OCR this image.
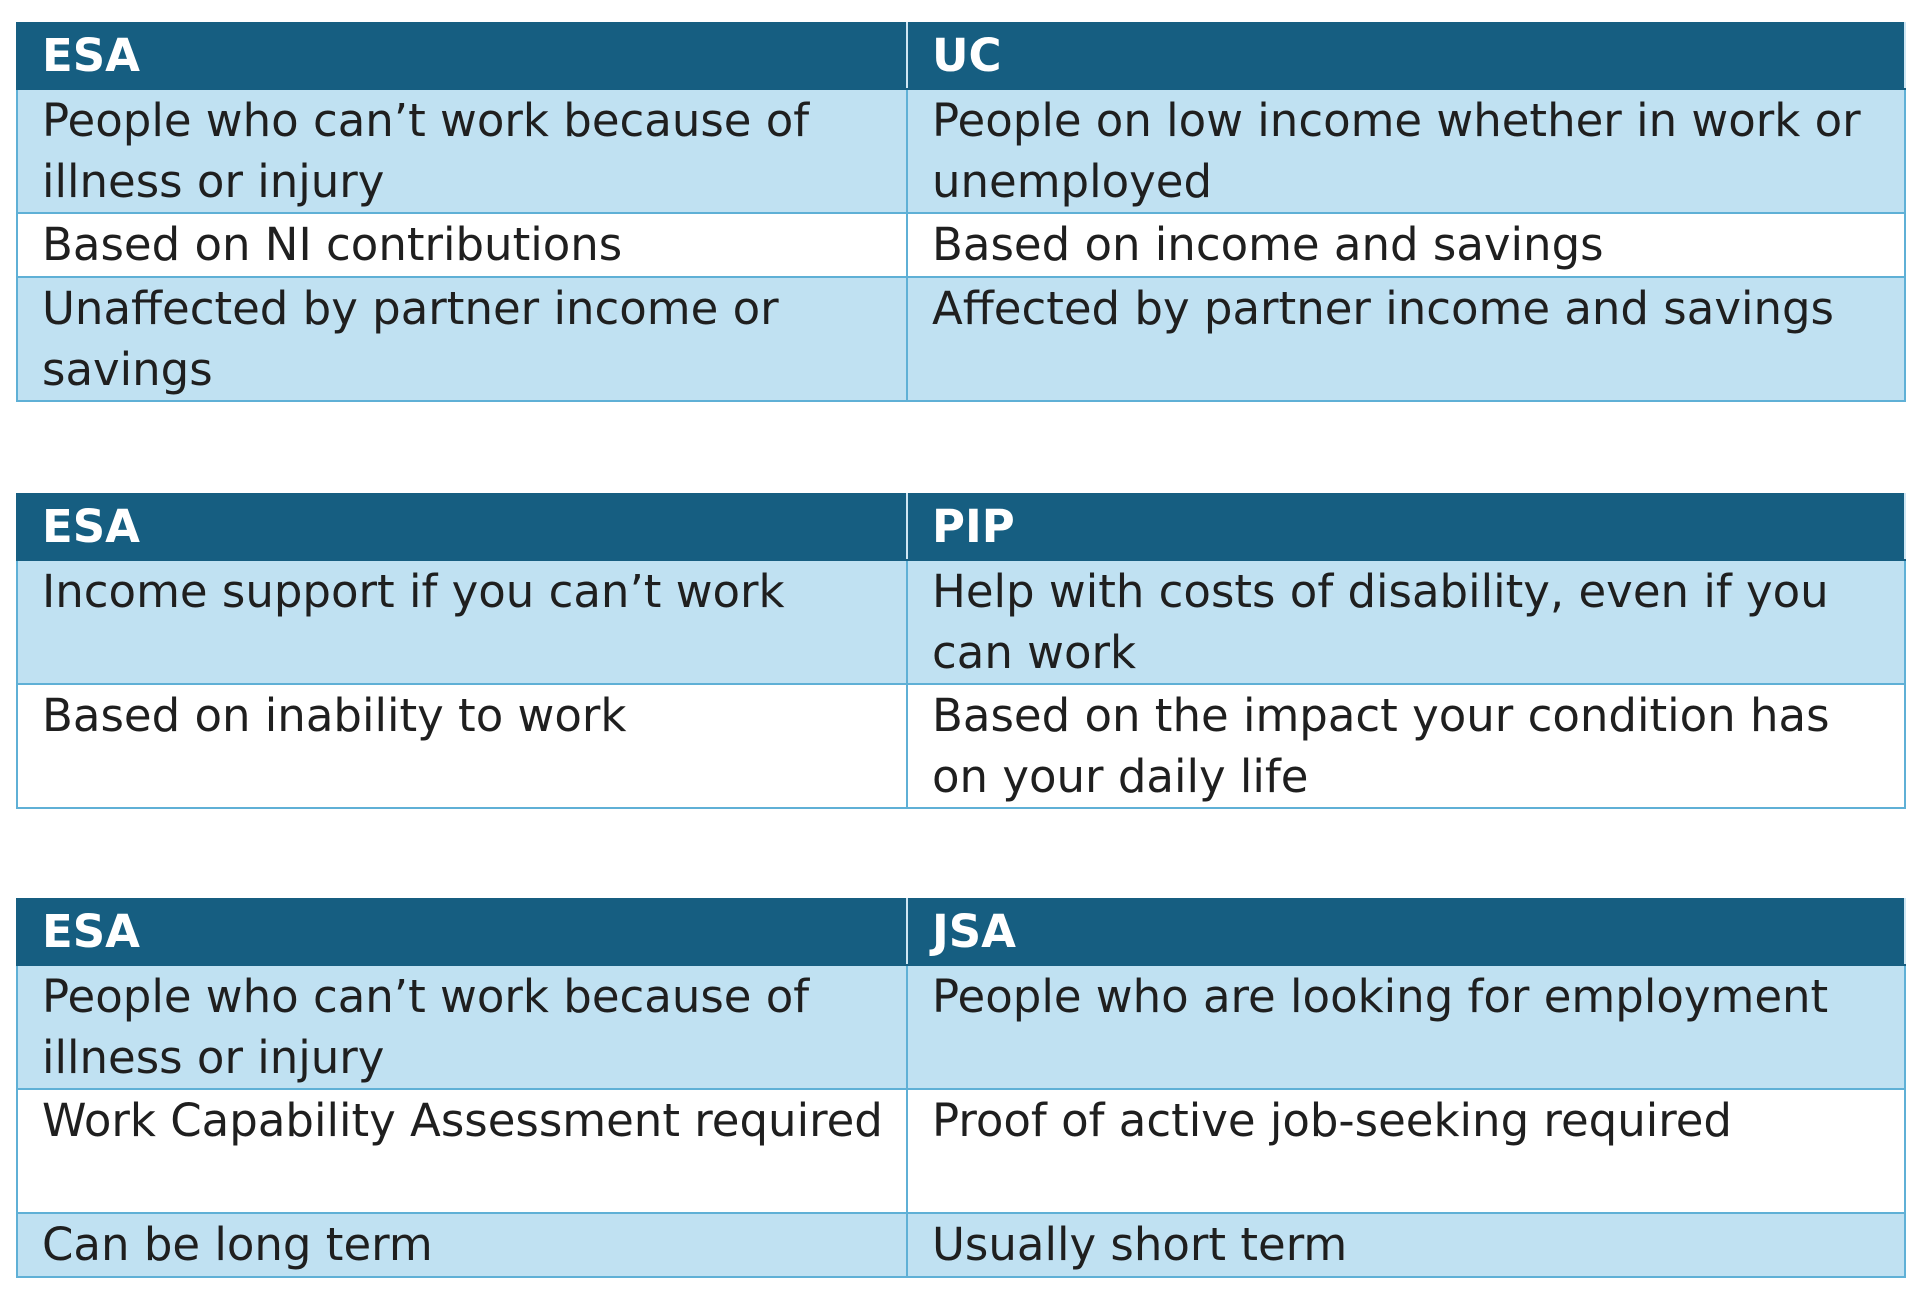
ESA	UC
People who can’t work because of illness or injury	People on low income whether in work or unemployed
Based on NI contributions	Based on income and savings
Unaffected by partner income or savings	Affected by partner income and savings
ESA	PIP
Income support if you can’t work	Help with costs of disability, even if you can work
Based on inability to work	Based on the impact your condition has on your daily life
ESA	JSA
People who can’t work because of illness or injury	People who are looking for employment
Work Capability Assessment required	Proof of active job-seeking required
Can be long term	Usually short term
